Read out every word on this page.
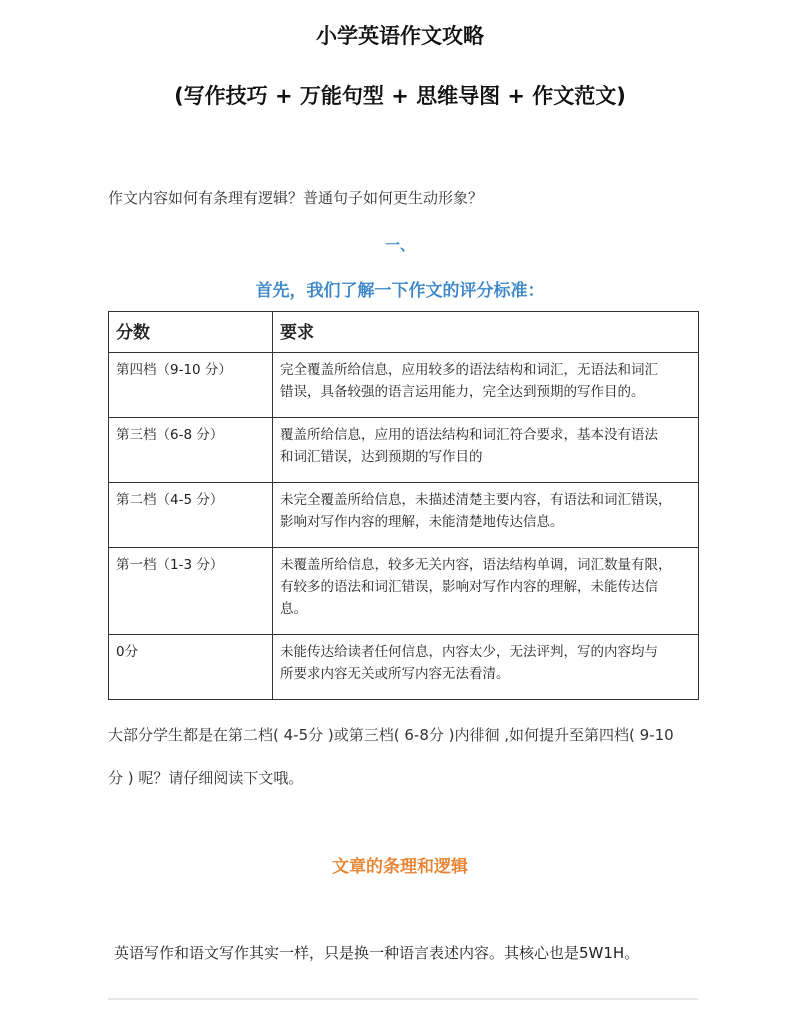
小学英语作文攻略
(写作技巧 + 万能句型 + 思维导图 + 作文范文)
作文内容如何有条理有逻辑？普通句子如何更生动形象？
一、
首先，我们了解一下作文的评分标准：
分数	要求
第四档（9-10 分）	完全覆盖所给信息，应用较多的语法结构和词汇，无语法和词汇
错误，具备较强的语言运用能力，完全达到预期的写作目的。

第三档（6-8 分）	覆盖所给信息，应用的语法结构和词汇符合要求，基本没有语法
和词汇错误，达到预期的写作目的

第二档（4-5 分）	未完全覆盖所给信息，未描述清楚主要内容，有语法和词汇错误，
影响对写作内容的理解，未能清楚地传达信息。

第一档（1-3 分）	未覆盖所给信息，较多无关内容，语法结构单调，词汇数量有限，
有较多的语法和词汇错误，影响对写作内容的理解，未能传达信
息。

0分	未能传达给读者任何信息，内容太少，无法评判，写的内容均与
所要求内容无关或所写内容无法看清。
大部分学生都是在第二档( 4-5分 )或第三档( 6-8分 )内徘徊 ,如何提升至第四档( 9-10
分 ) 呢？请仔细阅读下文哦。
文章的条理和逻辑
英语写作和语文写作其实一样，只是换一种语言表述内容。其核心也是5W1H。
